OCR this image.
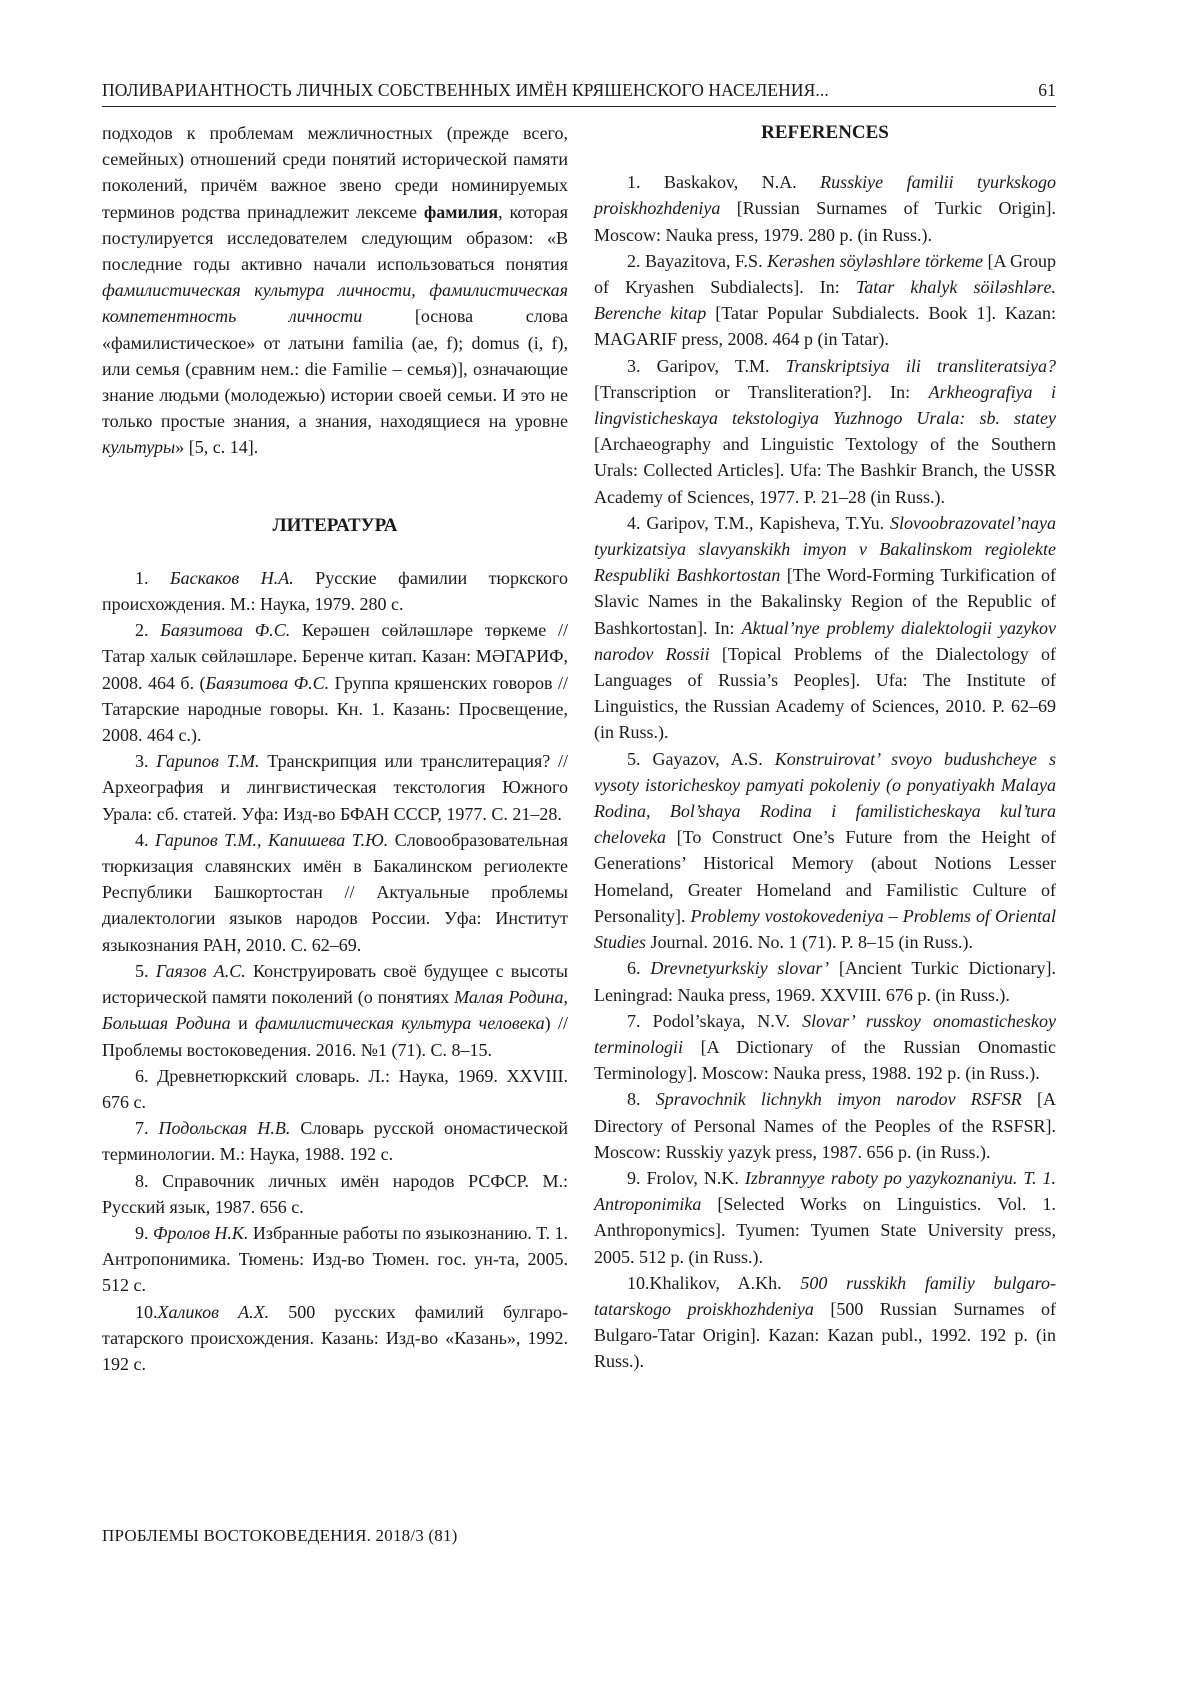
ПОЛИВАРИАНТНОСТЬ ЛИЧНЫХ СОБСТВЕННЫХ ИМЁН КРЯШЕНСКОГО НАСЕЛЕНИЯ...	61

подходов к проблемам межличностных (прежде всего, семейных) отношений среди понятий исторической памяти поколений, причём важное звено среди номинируемых терминов родства принадлежит лексеме фамилия, которая постулируется исследователем следующим образом: «В последние годы активно начали использоваться понятия фамилистическая культура личности, фамилистическая компетентность личности [основа слова «фамилистическое» от латыни familia (ae, f); domus (i, f), или семья (сравним нем.: die Familie – семья)], означающие знание людьми (молодежью) истории своей семьи. И это не только простые знания, а знания, находящиеся на уровне культуры» [5, с. 14].

ЛИТЕРАТУРА

1. Баскаков Н.А. Русские фамилии тюркского происхождения. М.: Наука, 1979. 280 с.

2. Баязитова Ф.С. Керәшен сөйләшләре төркеме // Татар халык сөйләшләре. Беренче китап. Казан: МӘГАРИФ, 2008. 464 б. (Баязитова Ф.С. Группа кряшенских говоров // Татарские народные говоры. Кн. 1. Казань: Просвещение, 2008. 464 с.).

3. Гарипов Т.М. Транскрипция или транслитерация? // Археография и лингвистическая текстология Южного Урала: сб. статей. Уфа: Изд-во БФАН СССР, 1977. С. 21–28.

4. Гарипов Т.М., Капишева Т.Ю. Словообразовательная тюркизация славянских имён в Бакалинском региолекте Республики Башкортостан // Актуальные проблемы диалектологии языков народов России. Уфа: Институт языкознания РАН, 2010. С. 62–69.

5. Гаязов А.С. Конструировать своё будущее с высоты исторической памяти поколений (о понятиях Малая Родина, Большая Родина и фамилистическая культура человека) // Проблемы востоковедения. 2016. №1 (71). С. 8–15.

6. Древнетюркский словарь. Л.: Наука, 1969. XXVIII. 676 с.

7. Подольская Н.В. Словарь русской ономастической терминологии. М.: Наука, 1988. 192 с.

8. Справочник личных имён народов РСФСР. М.: Русский язык, 1987. 656 с.

9. Фролов Н.К. Избранные работы по языкознанию. Т. 1. Антропонимика. Тюмень: Изд-во Тюмен. гос. ун-та, 2005. 512 с.

10.Халиков А.Х. 500 русских фамилий булгаро-татарского происхождения. Казань: Изд-во «Казань», 1992. 192 с.

REFERENCES

1. Baskakov, N.A. Russkiye familii tyurkskogo proiskhozhdeniya [Russian Surnames of Turkic Origin]. Moscow: Nauka press, 1979. 280 p. (in Russ.).

2. Bayazitova, F.S. Kerəshen söyləshlərе törkeme [A Group of Kryashen Subdialects]. In: Tatar khalyk söiləshlərе. Berenche kitap [Tatar Popular Subdialects. Book 1]. Kazan: MAGARIF press, 2008. 464 p (in Tatar).

3. Garipov, T.M. Transkriptsiya ili transliteratsiya? [Transcription or Transliteration?]. In: Arkheografiya i lingvisticheskaya tekstologiya Yuzhnogo Urala: sb. statey [Archaeography and Linguistic Textology of the Southern Urals: Collected Articles]. Ufa: The Bashkir Branch, the USSR Academy of Sciences, 1977. P. 21–28 (in Russ.).

4. Garipov, T.M., Kapisheva, T.Yu. Slovoobrazovatel’naya tyurkizatsiya slavyanskikh imyon v Bakalinskom regiolekte Respubliki Bashkortostan [The Word-Forming Turkification of Slavic Names in the Bakalinsky Region of the Republic of Bashkortostan]. In: Aktual’nye problemy dialektologii yazykov narodov Rossii [Topical Problems of the Dialectology of Languages of Russia’s Peoples]. Ufa: The Institute of Linguistics, the Russian Academy of Sciences, 2010. P. 62–69 (in Russ.).

5. Gayazov, A.S. Konstruirovat’ svoyo budushcheye s vysoty istoricheskoy pamyati pokoleniy (o ponyatiyakh Malaya Rodina, Bol’shaya Rodina i familisticheskaya kul’tura cheloveka [To Construct One’s Future from the Height of Generations’ Historical Memory (about Notions Lesser Homeland, Greater Homeland and Familistic Culture of Personality]. Problemy vostokovedeniya – Problems of Oriental Studies Journal. 2016. No. 1 (71). P. 8–15 (in Russ.).

6. Drevnetyurkskiy slovar’ [Ancient Turkic Dictionary]. Leningrad: Nauka press, 1969. XXVIII. 676 p. (in Russ.).

7. Podol’skaya, N.V. Slovar’ russkoy onomasticheskoy terminologii [A Dictionary of the Russian Onomastic Terminology]. Moscow: Nauka press, 1988. 192 p. (in Russ.).

8. Spravochnik lichnykh imyon narodov RSFSR [A Directory of Personal Names of the Peoples of the RSFSR]. Moscow: Russkiy yazyk press, 1987. 656 p. (in Russ.).

9. Frolov, N.K. Izbrannyye raboty po yazykoznaniyu. T. 1. Antroponimika [Selected Works on Linguistics. Vol. 1. Anthroponymics]. Tyumen: Tyumen State University press, 2005. 512 p. (in Russ.).

10.Khalikov, A.Kh. 500 russkikh familiy bulgaro-tatarskogo proiskhozhdeniya [500 Russian Surnames of Bulgaro-Tatar Origin]. Kazan: Kazan publ., 1992. 192 p. (in Russ.).

ПРОБЛЕМЫ ВОСТОКОВЕДЕНИЯ. 2018/3 (81)
